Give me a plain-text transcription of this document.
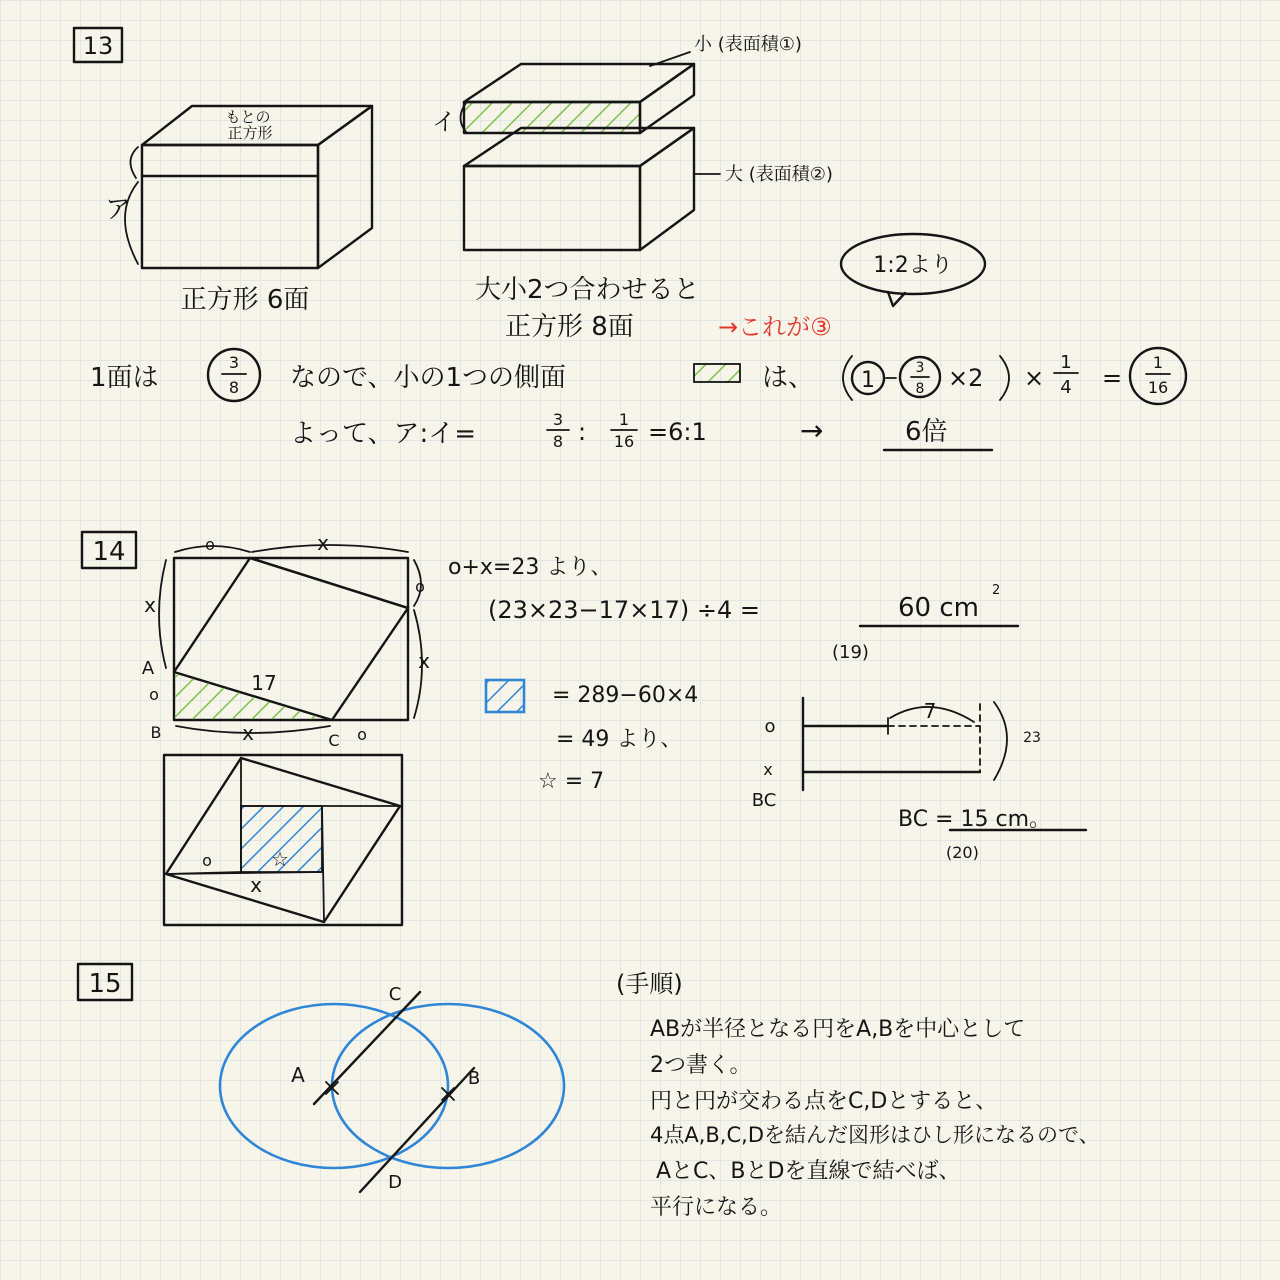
13
もとの
正方形
ア
正方形 6面
イ
小 (表面積①)
大 (表面積②)
大小2つ合わせると
正方形 8面	→これが③
1:2より
1面は
3
8 なので、小の1つの側面	は、 1	3
8 ×2 ×
1
4 =
1
16
よって、ア:イ=	3
8 : 1
16 =6:1	→	6倍
14	o	x
x
o
x
17
A
o
B	x	C o
o
x
☆
o+x=23 より、
(23×23−17×17) ÷4 =	60 cm
2
(19)
= 289−60×4
= 49 より、
☆ = 7
7
23
o
x
BC
BC = 15 cm。
(20)
15	C
D
A	B
(手順)
ABが半径となる円をA,Bを中心として
2つ書く。
円と円が交わる点をC,Dとすると、
4点A,B,C,Dを結んだ図形はひし形になるので、
AとC、BとDを直線で結べば、
平行になる。
